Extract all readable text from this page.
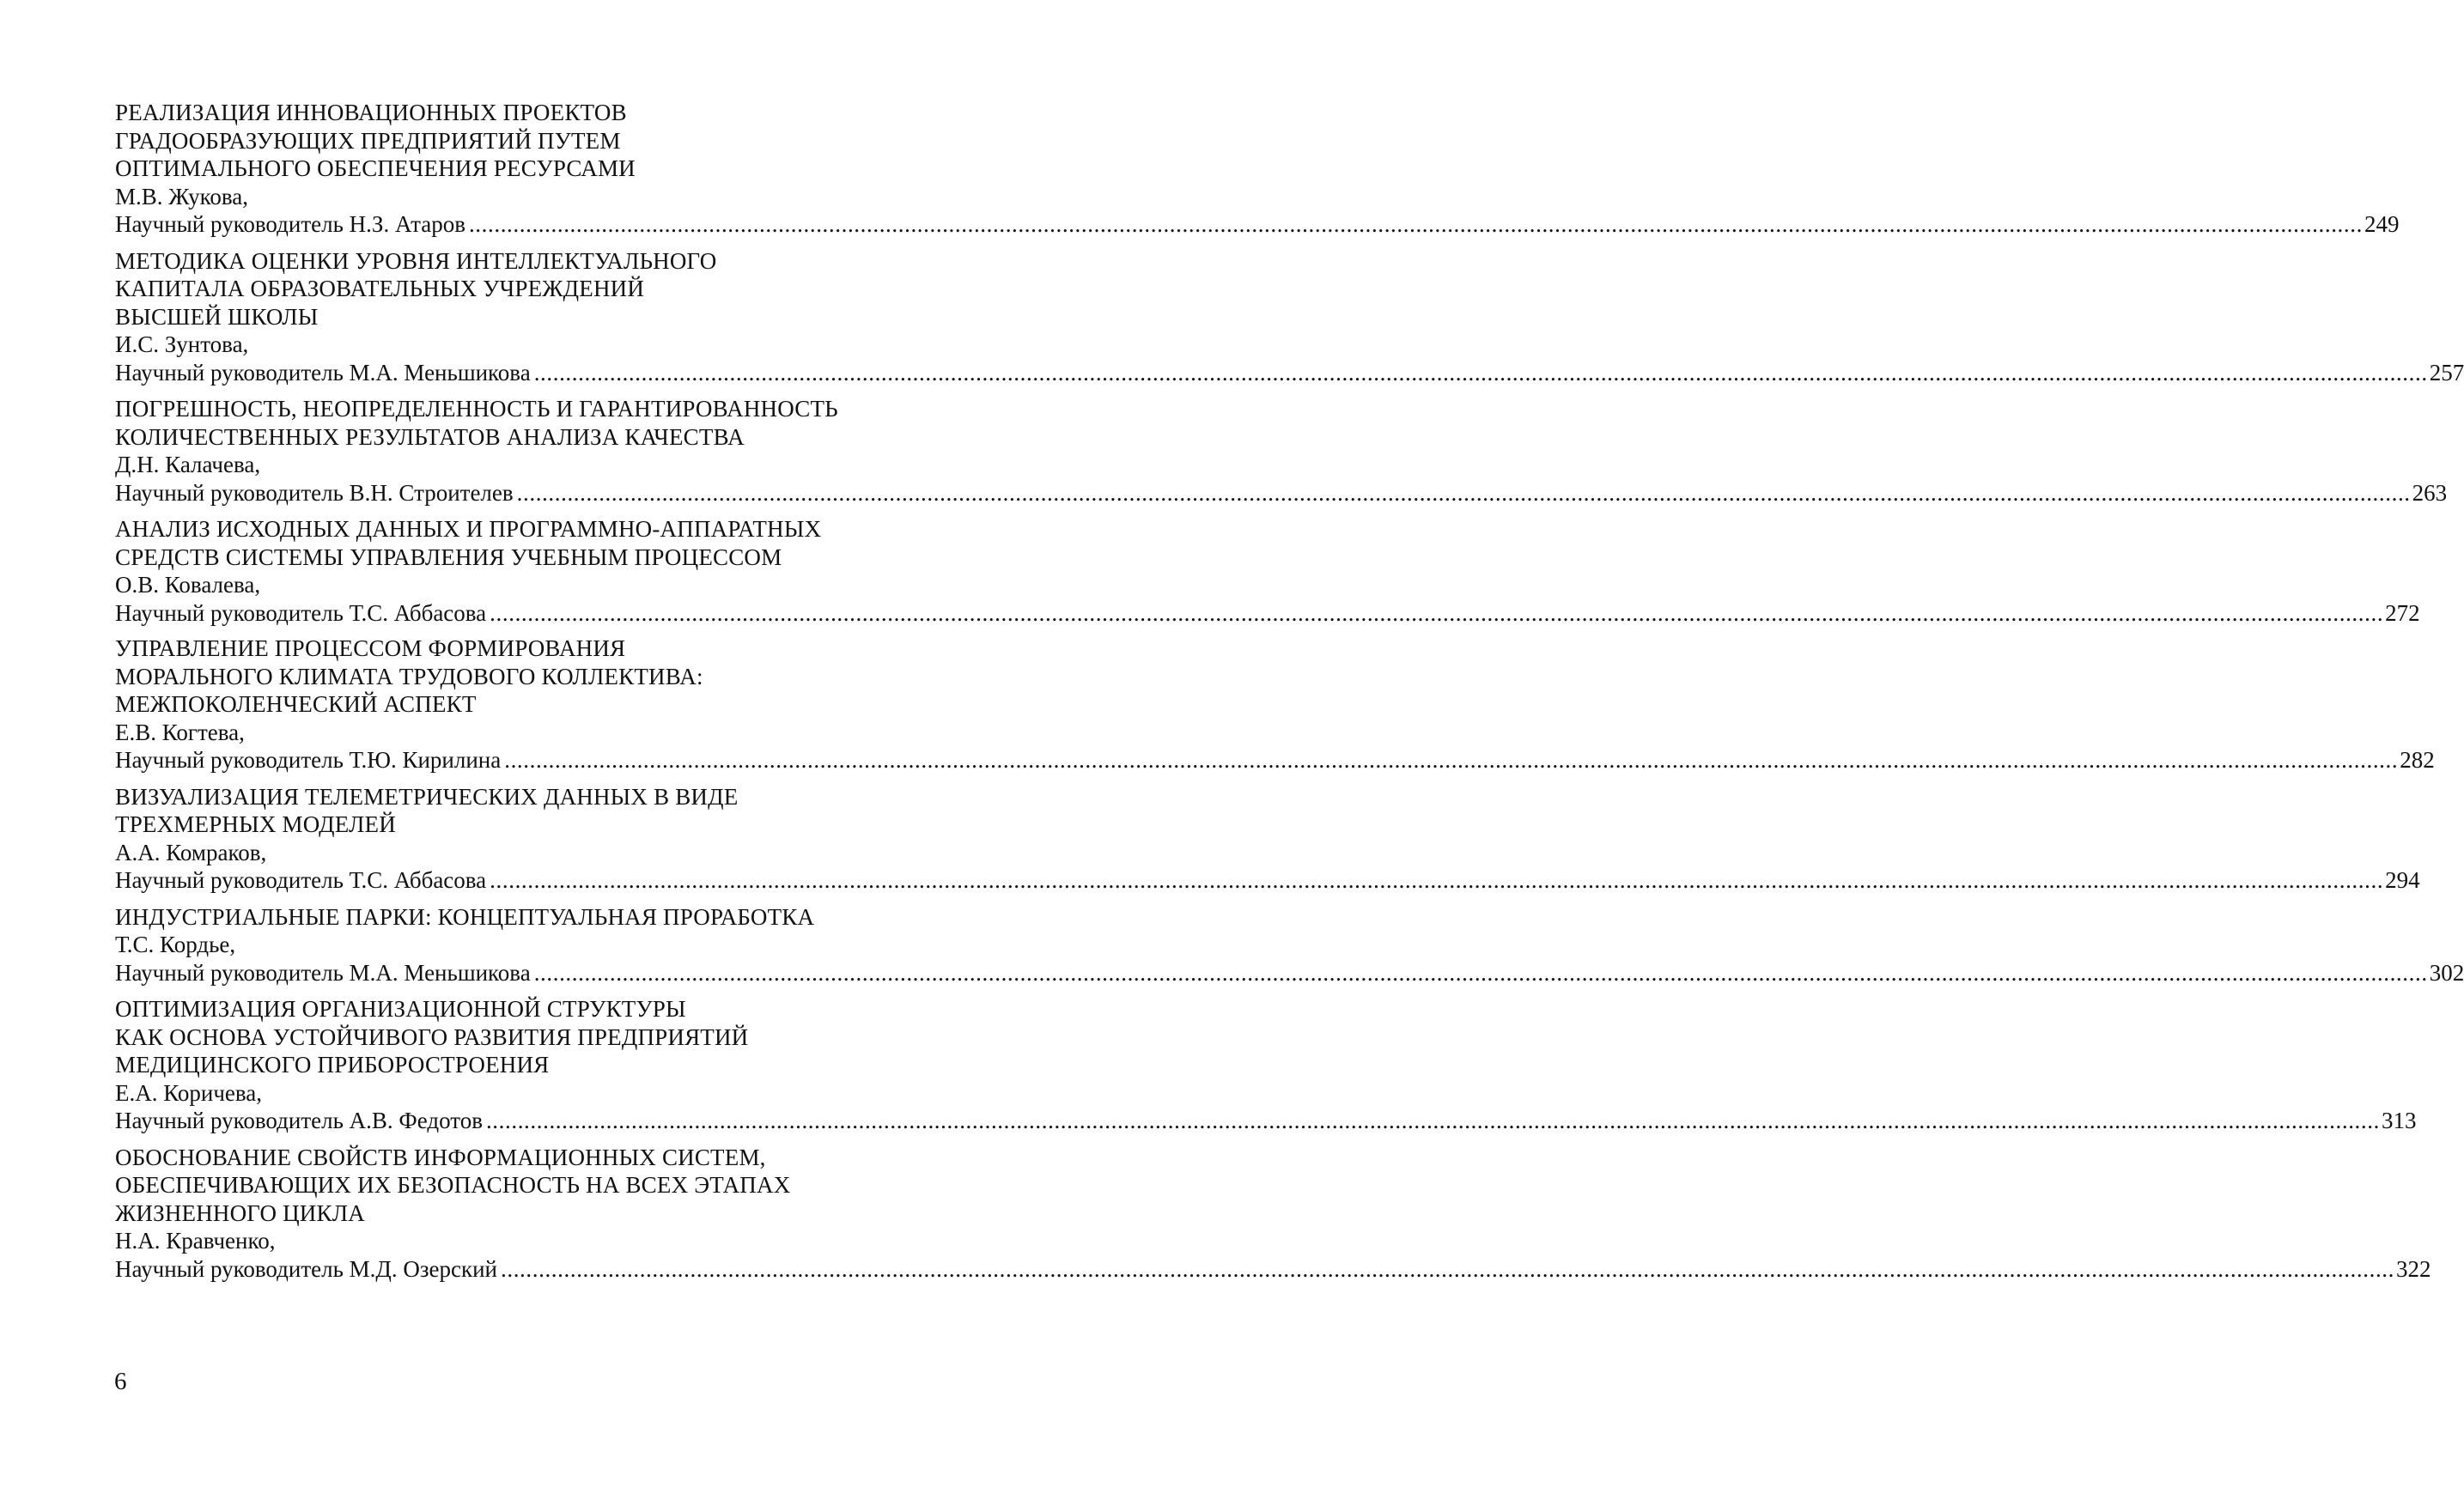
РЕАЛИЗАЦИЯ ИННОВАЦИОННЫХ ПРОЕКТОВ
ГРАДООБРАЗУЮЩИХ ПРЕДПРИЯТИЙ ПУТЕМ
ОПТИМАЛЬНОГО ОБЕСПЕЧЕНИЯ РЕСУРСАМИ
М.В. Жукова,
Научный руководитель Н.З. Атаров ............................................................................................................................................................................................................................................................................................................ 249
МЕТОДИКА ОЦЕНКИ УРОВНЯ ИНТЕЛЛЕКТУАЛЬНОГО
КАПИТАЛА ОБРАЗОВАТЕЛЬНЫХ УЧРЕЖДЕНИЙ
ВЫСШЕЙ ШКОЛЫ
И.С. Зунтова,
Научный руководитель М.А. Меньшикова ............................................................................................................................................................................................................................................................................................................ 257
ПОГРЕШНОСТЬ, НЕОПРЕДЕЛЕННОСТЬ И ГАРАНТИРОВАННОСТЬ
КОЛИЧЕСТВЕННЫХ РЕЗУЛЬТАТОВ АНАЛИЗА КАЧЕСТВА
Д.Н. Калачева,
Научный руководитель В.Н. Строителев ............................................................................................................................................................................................................................................................................................................ 263
АНАЛИЗ ИСХОДНЫХ ДАННЫХ И ПРОГРАММНО-АППАРАТНЫХ
СРЕДСТВ СИСТЕМЫ УПРАВЛЕНИЯ УЧЕБНЫМ ПРОЦЕССОМ
О.В. Ковалева,
Научный руководитель Т.С. Аббасова ............................................................................................................................................................................................................................................................................................................ 272
УПРАВЛЕНИЕ ПРОЦЕССОМ ФОРМИРОВАНИЯ
МОРАЛЬНОГО КЛИМАТА ТРУДОВОГО КОЛЛЕКТИВА:
МЕЖПОКОЛЕНЧЕСКИЙ АСПЕКТ
Е.В. Когтева,
Научный руководитель Т.Ю. Кирилина ............................................................................................................................................................................................................................................................................................................ 282
ВИЗУАЛИЗАЦИЯ ТЕЛЕМЕТРИЧЕСКИХ ДАННЫХ В ВИДЕ
ТРЕХМЕРНЫХ МОДЕЛЕЙ
А.А. Комраков,
Научный руководитель Т.С. Аббасова ............................................................................................................................................................................................................................................................................................................ 294
ИНДУСТРИАЛЬНЫЕ ПАРКИ: КОНЦЕПТУАЛЬНАЯ ПРОРАБОТКА
Т.С. Кордье,
Научный руководитель М.А. Меньшикова ............................................................................................................................................................................................................................................................................................................ 302
ОПТИМИЗАЦИЯ ОРГАНИЗАЦИОННОЙ СТРУКТУРЫ
КАК ОСНОВА УСТОЙЧИВОГО РАЗВИТИЯ ПРЕДПРИЯТИЙ
МЕДИЦИНСКОГО ПРИБОРОСТРОЕНИЯ
Е.А. Коричева,
Научный руководитель А.В. Федотов ............................................................................................................................................................................................................................................................................................................ 313
ОБОСНОВАНИЕ СВОЙСТВ ИНФОРМАЦИОННЫХ СИСТЕМ,
ОБЕСПЕЧИВАЮЩИХ ИХ БЕЗОПАСНОСТЬ НА ВСЕХ ЭТАПАХ
ЖИЗНЕННОГО ЦИКЛА
Н.А. Кравченко,
Научный руководитель М.Д. Озерский ............................................................................................................................................................................................................................................................................................................ 322
6
